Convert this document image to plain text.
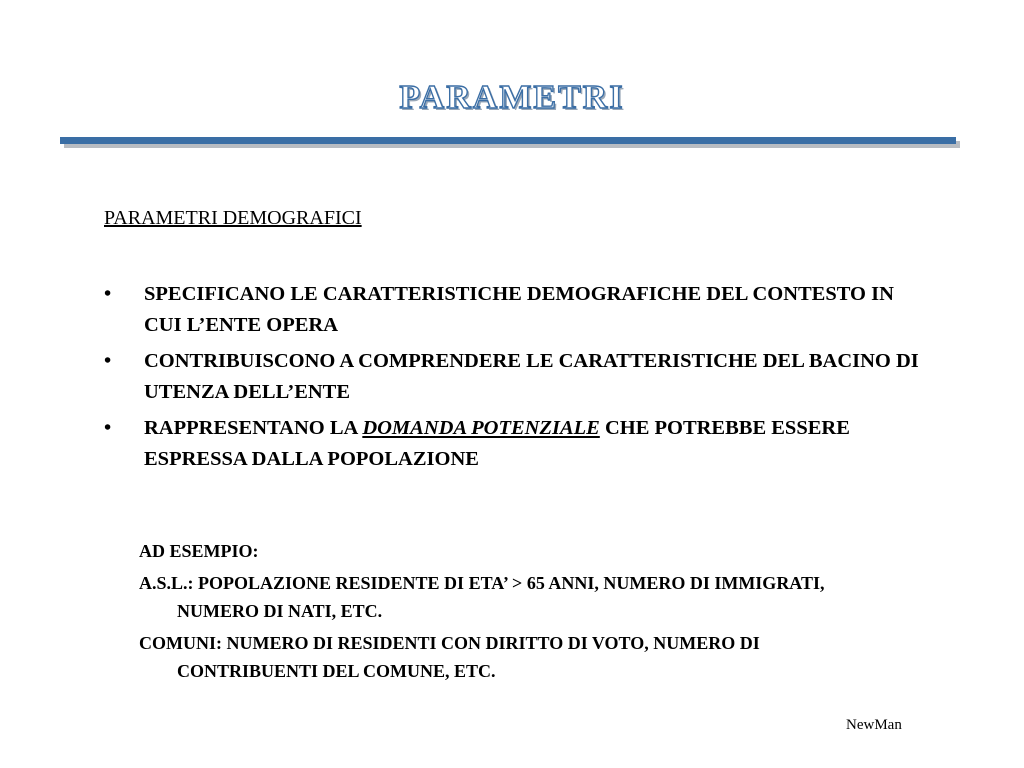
PARAMETRI
PARAMETRI DEMOGRAFICI
• SPECIFICANO LE CARATTERISTICHE DEMOGRAFICHE DEL CONTESTO IN CUI L’ENTE OPERA
• CONTRIBUISCONO A COMPRENDERE LE CARATTERISTICHE DEL BACINO DI UTENZA DELL’ENTE
• RAPPRESENTANO LA DOMANDA POTENZIALE CHE POTREBBE ESSERE ESPRESSA DALLA POPOLAZIONE
AD ESEMPIO:
A.S.L.: POPOLAZIONE RESIDENTE DI ETA’ > 65 ANNI, NUMERO DI IMMIGRATI, NUMERO DI NATI, ETC.
COMUNI: NUMERO DI RESIDENTI CON DIRITTO DI VOTO, NUMERO DI CONTRIBUENTI DEL COMUNE, ETC.
NewMan
